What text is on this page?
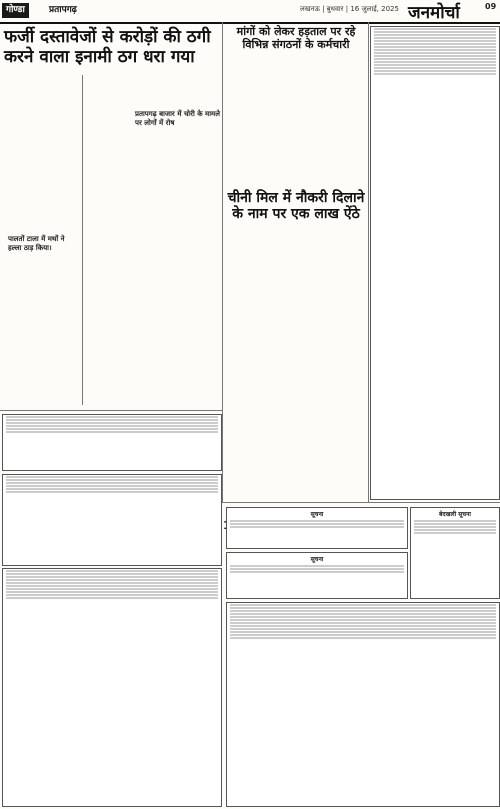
गोण्डा	प्रतापगढ़	लखनऊ | बुधवार | 16 जुलाई, 2025 जनमोर्चा	09
फर्जी दस्तावेजों से करोड़ों की ठगी करने वाला इनामी ठग धरा गया
मांगों को लेकर हड़ताल पर रहे विभिन्न संगठनों के कर्मचारी
चीनी मिल में नौकरी दिलाने के नाम पर एक लाख ऐंठे
पालतों टाला में मथों ने हल्ला ठाड़ किया।
प्रतापगढ़ बाजार में चोरी के मामले पर लोगों में रोष

सूचना
सूचना
बेदखली सूचना
